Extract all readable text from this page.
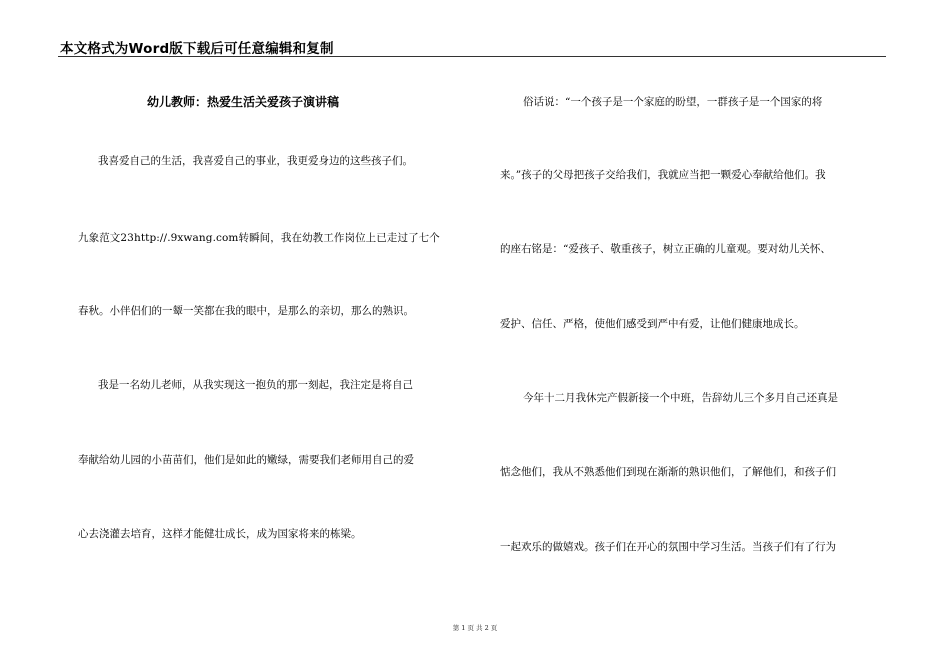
本文格式为Word版下载后可任意编辑和复制
幼儿教师：热爱生活关爱孩子演讲稿
我喜爱自己的生活，我喜爱自己的事业，我更爱身边的这些孩子们。
九象范文23http://.9xwang.com转瞬间，我在幼教工作岗位上已走过了七个
春秋。小伴侣们的一颦一笑都在我的眼中，是那么的亲切，那么的熟识。
我是一名幼儿老师，从我实现这一抱负的那一刻起，我注定是将自己
奉献给幼儿园的小苗苗们，他们是如此的嫩绿，需要我们老师用自己的爱
心去浇灌去培育，这样才能健壮成长，成为国家将来的栋梁。
俗话说：“一个孩子是一个家庭的盼望，一群孩子是一个国家的将
来。”孩子的父母把孩子交给我们，我就应当把一颗爱心奉献给他们。我
的座右铭是：“爱孩子、敬重孩子，树立正确的儿童观。要对幼儿关怀、
爱护、信任、严格，使他们感受到严中有爱，让他们健康地成长。
今年十二月我休完产假新接一个中班，告辞幼儿三个多月自己还真是
惦念他们，我从不熟悉他们到现在渐渐的熟识他们，了解他们，和孩子们
一起欢乐的做嬉戏。孩子们在开心的氛围中学习生活。当孩子们有了行为
第 1 页 共 2 页
